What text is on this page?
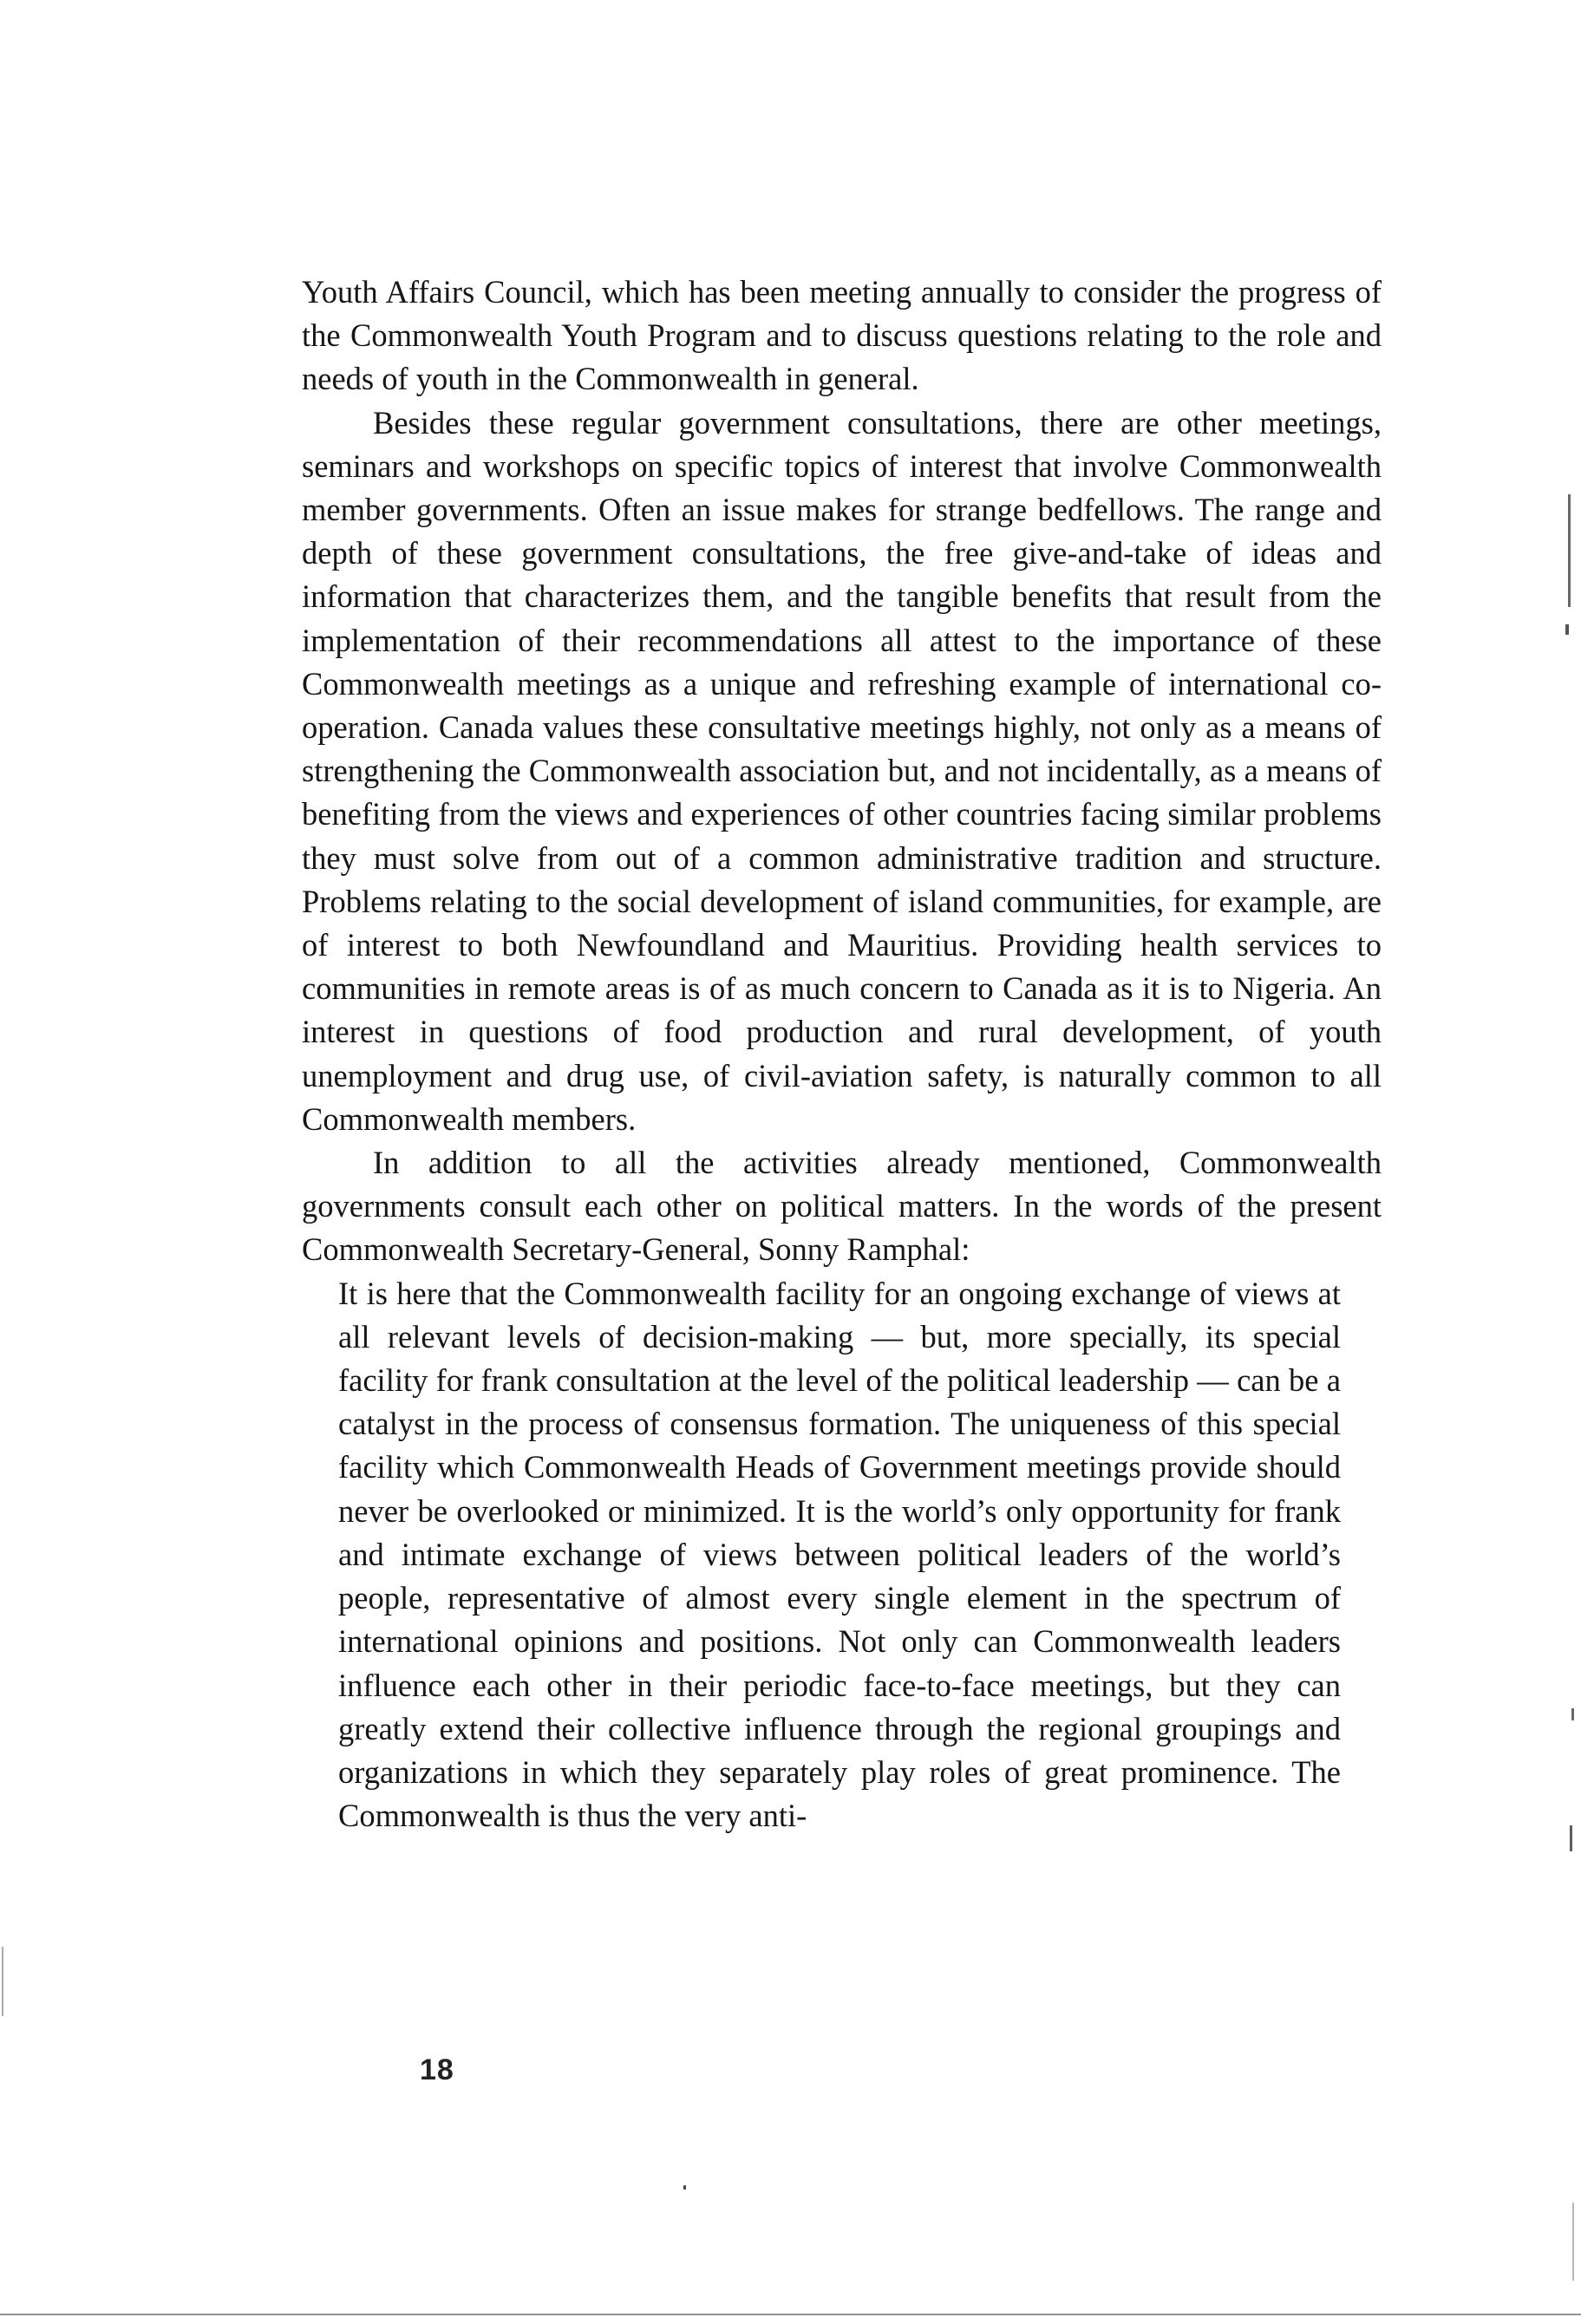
Youth Affairs Council, which has been meeting annually to consider the progress of the Commonwealth Youth Program and to discuss questions relating to the role and needs of youth in the Commonwealth in general.

Besides these regular government consultations, there are other meetings, seminars and workshops on specific topics of interest that involve Commonwealth member governments. Often an issue makes for strange bedfellows. The range and depth of these government consultations, the free give-and-take of ideas and information that characterizes them, and the tangible benefits that result from the implementation of their recommendations all attest to the importance of these Commonwealth meetings as a unique and refreshing example of international co-operation. Canada values these consultative meetings highly, not only as a means of strengthening the Commonwealth association but, and not incidentally, as a means of benefiting from the views and experiences of other countries facing similar problems they must solve from out of a common administrative tradition and structure. Problems relating to the social development of island communities, for example, are of interest to both Newfoundland and Mauritius. Providing health services to communities in remote areas is of as much concern to Canada as it is to Nigeria. An interest in questions of food production and rural development, of youth unemployment and drug use, of civil-aviation safety, is naturally common to all Commonwealth members.

In addition to all the activities already mentioned, Commonwealth governments consult each other on political matters. In the words of the present Commonwealth Secretary-General, Sonny Ramphal:

It is here that the Commonwealth facility for an ongoing exchange of views at all relevant levels of decision-making — but, more specially, its special facility for frank consultation at the level of the political leadership — can be a catalyst in the process of consensus formation. The uniqueness of this special facility which Commonwealth Heads of Government meetings provide should never be overlooked or minimized. It is the world’s only opportunity for frank and intimate exchange of views between political leaders of the world’s people, representative of almost every single element in the spectrum of international opinions and positions. Not only can Commonwealth leaders influence each other in their periodic face-to-face meetings, but they can greatly extend their collective influence through the regional groupings and organizations in which they separately play roles of great prominence. The Commonwealth is thus the very anti-

18
